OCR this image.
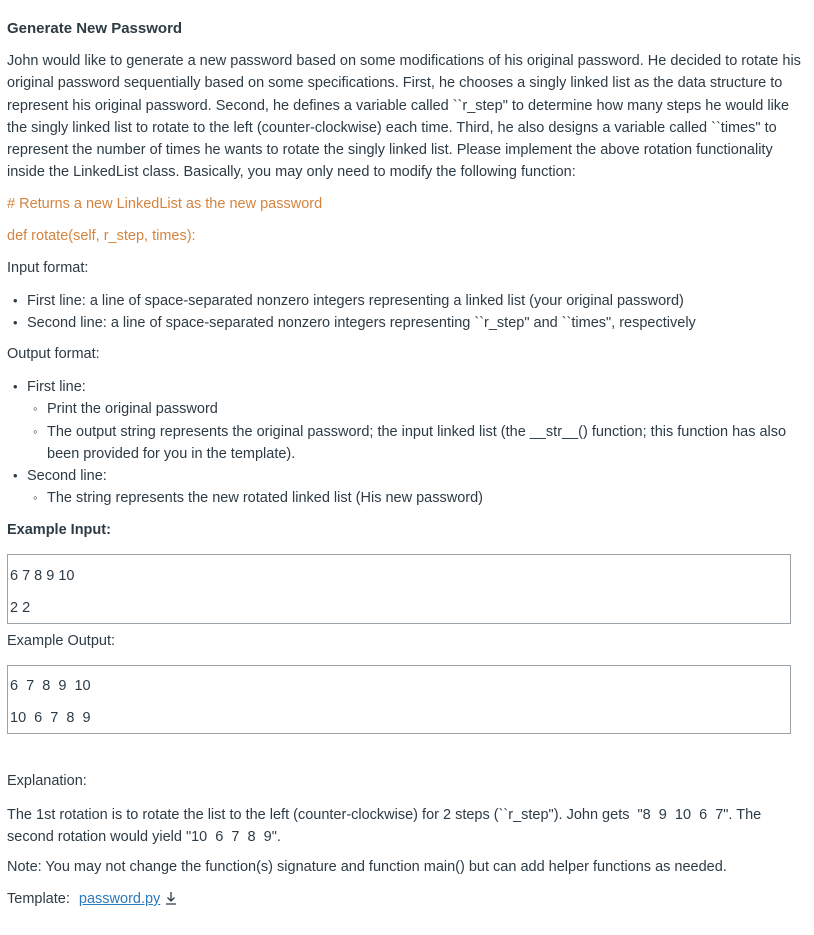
Generate New Password
John would like to generate a new password based on some modifications of his original password. He decided to rotate his original password sequentially based on some specifications. First, he chooses a singly linked list as the data structure to represent his original password. Second, he defines a variable called ``r_step" to determine how many steps he would like the singly linked list to rotate to the left (counter-clockwise) each time. Third, he also designs a variable called ``times" to represent the number of times he wants to rotate the singly linked list. Please implement the above rotation functionality inside the LinkedList class. Basically, you may only need to modify the following function:
# Returns a new LinkedList as the new password
def rotate(self, r_step, times):
Input format:
• First line: a line of space-separated nonzero integers representing a linked list (your original password)
• Second line: a line of space-separated nonzero integers representing ``r_step" and ``times", respectively
Output format:
• First line:
◦ Print the original password
◦ The output string represents the original password; the input linked list (the __str__() function; this function has also been provided for you in the template).
• Second line:
◦ The string represents the new rotated linked list (His new password)
Example Input:
6 7 8 9 10
2 2
Example Output:
6  7  8  9  10
10  6  7  8  9
Explanation:
The 1st rotation is to rotate the list to the left (counter-clockwise) for 2 steps (``r_step"). John gets  "8  9  10  6  7". The second rotation would yield "10  6  7  8  9".
Note: You may not change the function(s) signature and function main() but can add helper functions as needed.
Template: password.py
